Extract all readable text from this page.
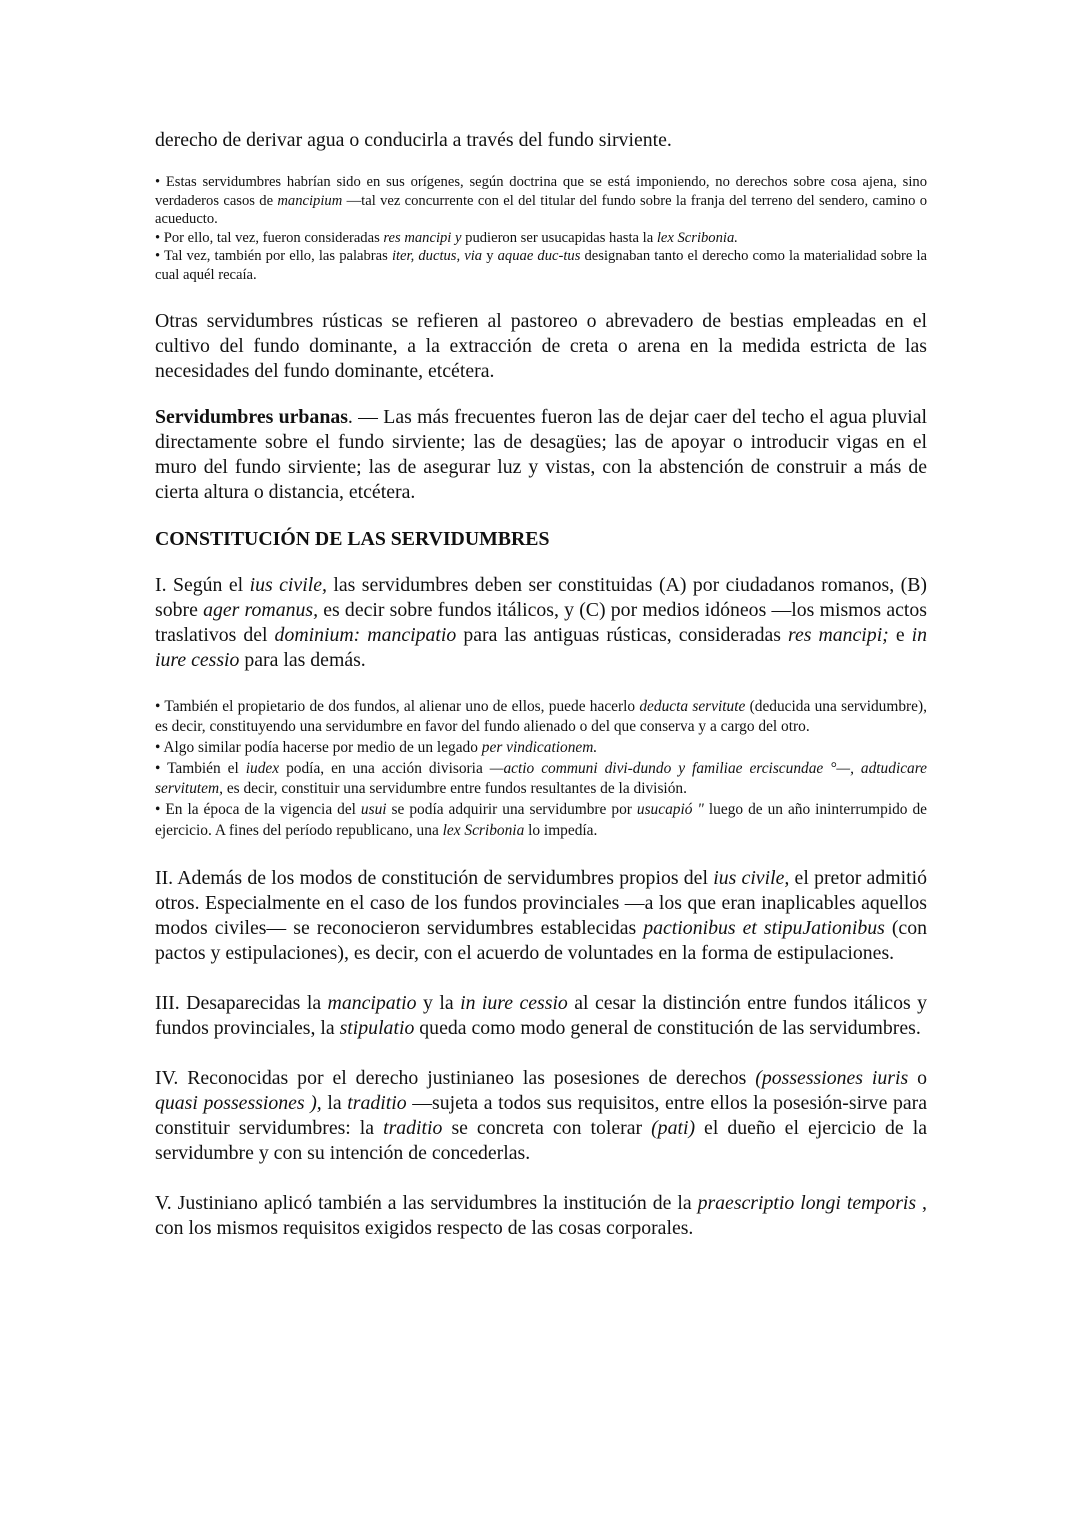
derecho de derivar agua o conducirla a través del fundo sirviente.

• Estas servidumbres habrían sido en sus orígenes, según doctrina que se está imponiendo, no derechos sobre cosa ajena, sino verdaderos casos de mancipium —tal vez concurrente con el del titular del fundo sobre la franja del terreno del sendero, camino o acueducto.

• Por ello, tal vez, fueron consideradas res mancipi y pudieron ser usucapidas hasta la lex Scribonia.

• Tal vez, también por ello, las palabras iter, ductus, via y aquae duc-tus designaban tanto el derecho como la materialidad sobre la cual aquél recaía.

Otras servidumbres rústicas se refieren al pastoreo o abrevadero de bestias empleadas en el cultivo del fundo dominante, a la extracción de creta o arena en la medida estricta de las necesidades del fundo dominante, etcétera.

Servidumbres urbanas. — Las más frecuentes fueron las de dejar caer del techo el agua pluvial directamente sobre el fundo sirviente; las de desagües; las de apoyar o introducir vigas en el muro del fundo sirviente; las de asegurar luz y vistas, con la abstención de construir a más de cierta altura o distancia, etcétera.

CONSTITUCIÓN DE LAS SERVIDUMBRES

I. Según el ius civile, las servidumbres deben ser constituidas (A) por ciudadanos romanos, (B) sobre ager romanus, es decir sobre fundos itálicos, y (C) por medios idóneos —los mismos actos traslativos del dominium: mancipatio para las antiguas rústicas, consideradas res mancipi; e in iure cessio para las demás.

• También el propietario de dos fundos, al alienar uno de ellos, puede hacerlo deducta servitute (deducida una servidumbre), es decir, constituyendo una servidumbre en favor del fundo alienado o del que conserva y a cargo del otro.

• Algo similar podía hacerse por medio de un legado per vindicationem.

• También el iudex podía, en una acción divisoria —actio communi divi-dundo y familiae erciscundae °—, adtudicare servitutem, es decir, constituir una servidumbre entre fundos resultantes de la división.

• En la época de la vigencia del usui se podía adquirir una servidumbre por usucapió " luego de un año ininterrumpido de ejercicio. A fines del período republicano, una lex Scribonia lo impedía.

II. Además de los modos de constitución de servidumbres propios del ius civile, el pretor admitió otros. Especialmente en el caso de los fundos provinciales —a los que eran inaplicables aquellos modos civiles— se reconocieron servidumbres establecidas pactionibus et stipuJationibus (con pactos y estipulaciones), es decir, con el acuerdo de voluntades en la forma de estipulaciones.

III. Desaparecidas la mancipatio y la in iure cessio al cesar la distinción entre fundos itálicos y fundos provinciales, la stipulatio queda como modo general de constitución de las servidumbres.

IV. Reconocidas por el derecho justinianeo las posesiones de derechos (possessiones iuris o quasi possessiones ), la traditio —sujeta a todos sus requisitos, entre ellos la posesión-sirve para constituir servidumbres: la traditio se concreta con tolerar (pati) el dueño el ejercicio de la servidumbre y con su intención de concederlas.

V. Justiniano aplicó también a las servidumbres la institución de la praescriptio longi temporis , con los mismos requisitos exigidos respecto de las cosas corporales.
